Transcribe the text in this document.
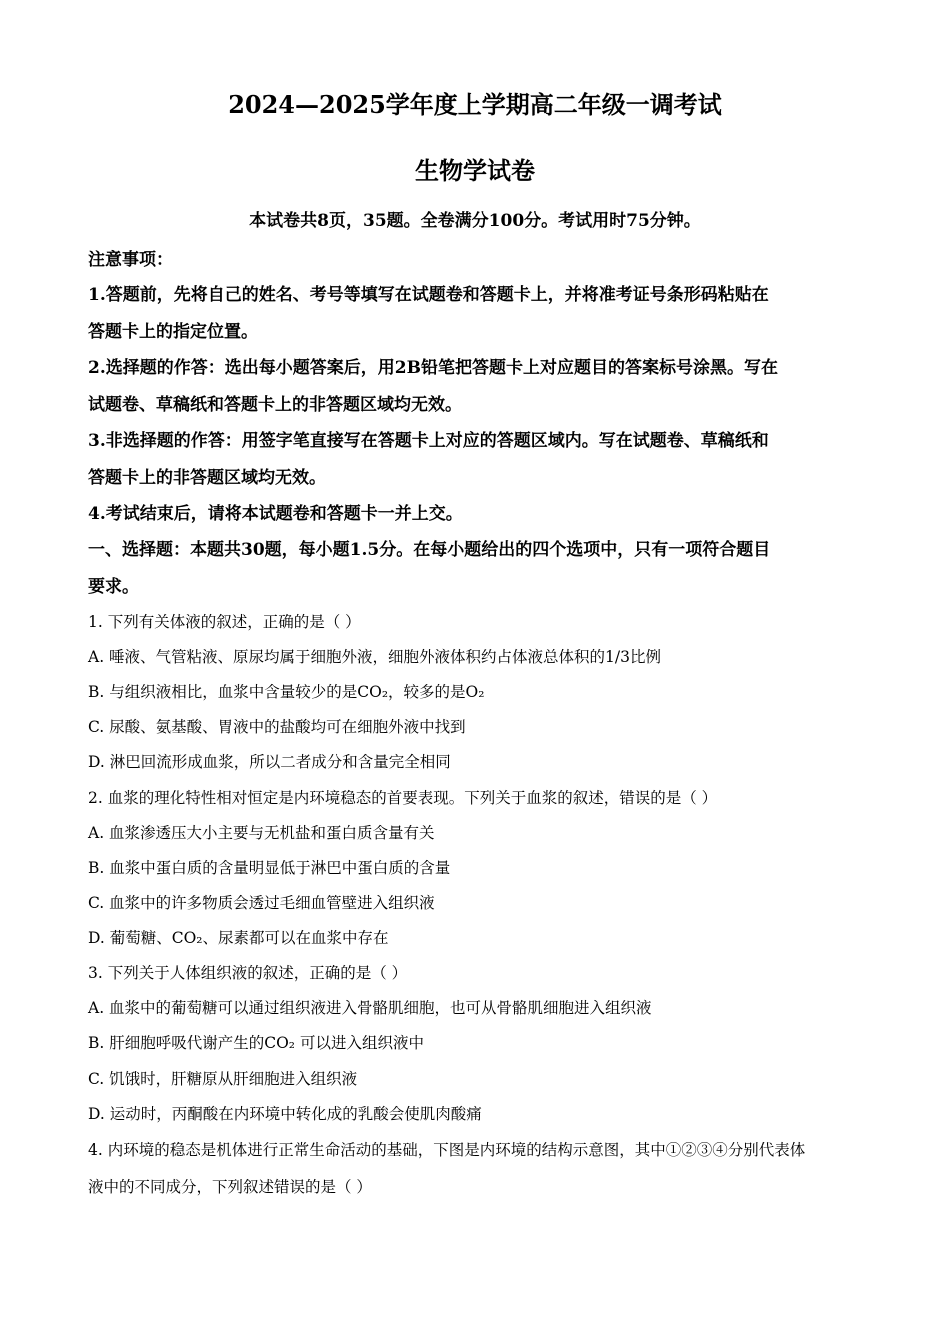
2024—2025学年度上学期高二年级一调考试
生物学试卷
本试卷共8页，35题。全卷满分100分。考试用时75分钟。
注意事项：
1.答题前，先将自己的姓名、考号等填写在试题卷和答题卡上，并将准考证号条形码粘贴在
答题卡上的指定位置。
2.选择题的作答：选出每小题答案后，用2B铅笔把答题卡上对应题目的答案标号涂黑。写在
试题卷、草稿纸和答题卡上的非答题区域均无效。
3.非选择题的作答：用签字笔直接写在答题卡上对应的答题区域内。写在试题卷、草稿纸和
答题卡上的非答题区域均无效。
4.考试结束后，请将本试题卷和答题卡一并上交。
一、选择题：本题共30题，每小题1.5分。在每小题给出的四个选项中，只有一项符合题目
要求。
1. 下列有关体液的叙述，正确的是（ ）
A. 唾液、气管粘液、原尿均属于细胞外液，细胞外液体积约占体液总体积的1/3比例
B. 与组织液相比，血浆中含量较少的是CO₂，较多的是O₂
C. 尿酸、氨基酸、胃液中的盐酸均可在细胞外液中找到
D. 淋巴回流形成血浆，所以二者成分和含量完全相同
2. 血浆的理化特性相对恒定是内环境稳态的首要表现。下列关于血浆的叙述，错误的是（ ）
A. 血浆渗透压大小主要与无机盐和蛋白质含量有关
B. 血浆中蛋白质的含量明显低于淋巴中蛋白质的含量
C. 血浆中的许多物质会透过毛细血管壁进入组织液
D. 葡萄糖、CO₂、尿素都可以在血浆中存在
3. 下列关于人体组织液的叙述，正确的是（ ）
A. 血浆中的葡萄糖可以通过组织液进入骨骼肌细胞，也可从骨骼肌细胞进入组织液
B. 肝细胞呼吸代谢产生的CO₂ 可以进入组织液中
C. 饥饿时，肝糖原从肝细胞进入组织液
D. 运动时，丙酮酸在内环境中转化成的乳酸会使肌肉酸痛
4. 内环境的稳态是机体进行正常生命活动的基础，下图是内环境的结构示意图，其中①②③④分别代表体
液中的不同成分，下列叙述错误的是（ ）
